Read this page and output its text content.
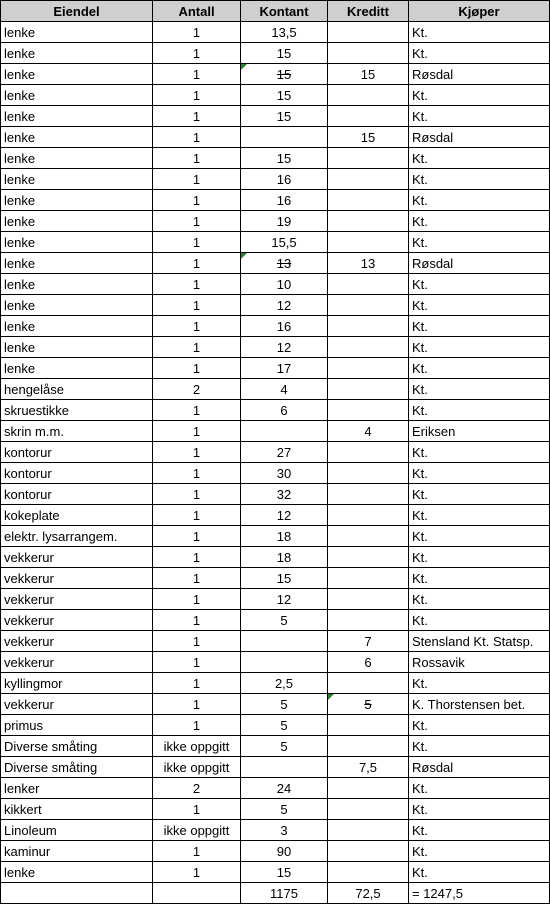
Eiendel	Antall	Kontant	Kreditt	Kjøper
lenke	1	13,5		Kt.
lenke	1	15		Kt.
lenke	1	15	15	Røsdal
lenke	1	15		Kt.
lenke	1	15		Kt.
lenke	1		15	Røsdal
lenke	1	15		Kt.
lenke	1	16		Kt.
lenke	1	16		Kt.
lenke	1	19		Kt.
lenke	1	15,5		Kt.
lenke	1	13	13	Røsdal
lenke	1	10		Kt.
lenke	1	12		Kt.
lenke	1	16		Kt.
lenke	1	12		Kt.
lenke	1	17		Kt.
hengelåse	2	4		Kt.
skruestikke	1	6		Kt.
skrin m.m.	1		4	Eriksen
kontorur	1	27		Kt.
kontorur	1	30		Kt.
kontorur	1	32		Kt.
kokeplate	1	12		Kt.
elektr. lysarrangem.	1	18		Kt.
vekkerur	1	18		Kt.
vekkerur	1	15		Kt.
vekkerur	1	12		Kt.
vekkerur	1	5		Kt.
vekkerur	1		7	Stensland Kt. Statsp.
vekkerur	1		6	Rossavik
kyllingmor	1	2,5		Kt.
vekkerur	1	5	5	K. Thorstensen bet.
primus	1	5		Kt.
Diverse småting	ikke oppgitt	5		Kt.
Diverse småting	ikke oppgitt		7,5	Røsdal
lenker	2	24		Kt.
kikkert	1	5		Kt.
Linoleum	ikke oppgitt	3		Kt.
kaminur	1	90		Kt.
lenke	1	15		Kt.
		1175	72,5	= 1247,5
